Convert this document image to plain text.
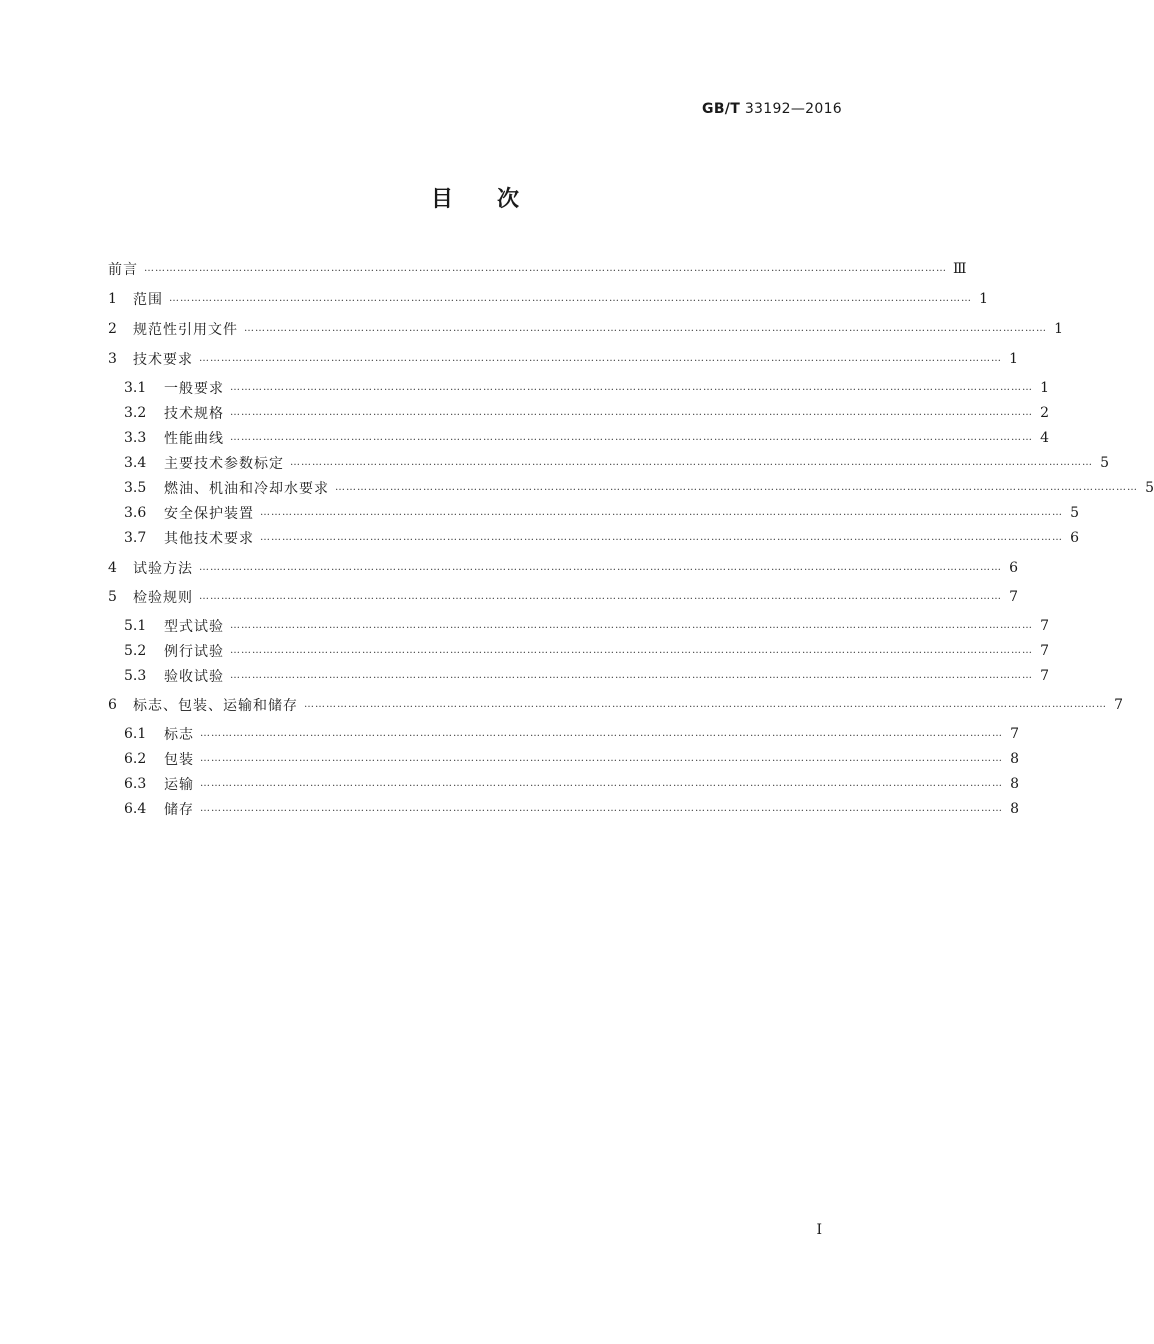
GB/T 33192—2016
目次
前言 ………………………………………………………………………………………………………………………………………………………………………………………………… Ⅲ
1	范围 ………………………………………………………………………………………………………………………………………………………………………………………………… 1
2	规范性引用文件 ………………………………………………………………………………………………………………………………………………………………………………………………… 1
3	技术要求 ………………………………………………………………………………………………………………………………………………………………………………………………… 1
3.1	一般要求 ………………………………………………………………………………………………………………………………………………………………………………………………… 1
3.2	技术规格 ………………………………………………………………………………………………………………………………………………………………………………………………… 2
3.3	性能曲线 ………………………………………………………………………………………………………………………………………………………………………………………………… 4
3.4	主要技术参数标定 ………………………………………………………………………………………………………………………………………………………………………………………………… 5
3.5	燃油、机油和冷却水要求 ………………………………………………………………………………………………………………………………………………………………………………………………… 5
3.6	安全保护装置 ………………………………………………………………………………………………………………………………………………………………………………………………… 5
3.7	其他技术要求 ………………………………………………………………………………………………………………………………………………………………………………………………… 6
4	试验方法 ………………………………………………………………………………………………………………………………………………………………………………………………… 6
5	检验规则 ………………………………………………………………………………………………………………………………………………………………………………………………… 7
5.1	型式试验 ………………………………………………………………………………………………………………………………………………………………………………………………… 7
5.2	例行试验 ………………………………………………………………………………………………………………………………………………………………………………………………… 7
5.3	验收试验 ………………………………………………………………………………………………………………………………………………………………………………………………… 7
6	标志、包装、运输和储存 ………………………………………………………………………………………………………………………………………………………………………………………………… 7
6.1	标志 ………………………………………………………………………………………………………………………………………………………………………………………………… 7
6.2	包装 ………………………………………………………………………………………………………………………………………………………………………………………………… 8
6.3	运输 ………………………………………………………………………………………………………………………………………………………………………………………………… 8
6.4	储存 ………………………………………………………………………………………………………………………………………………………………………………………………… 8
I
